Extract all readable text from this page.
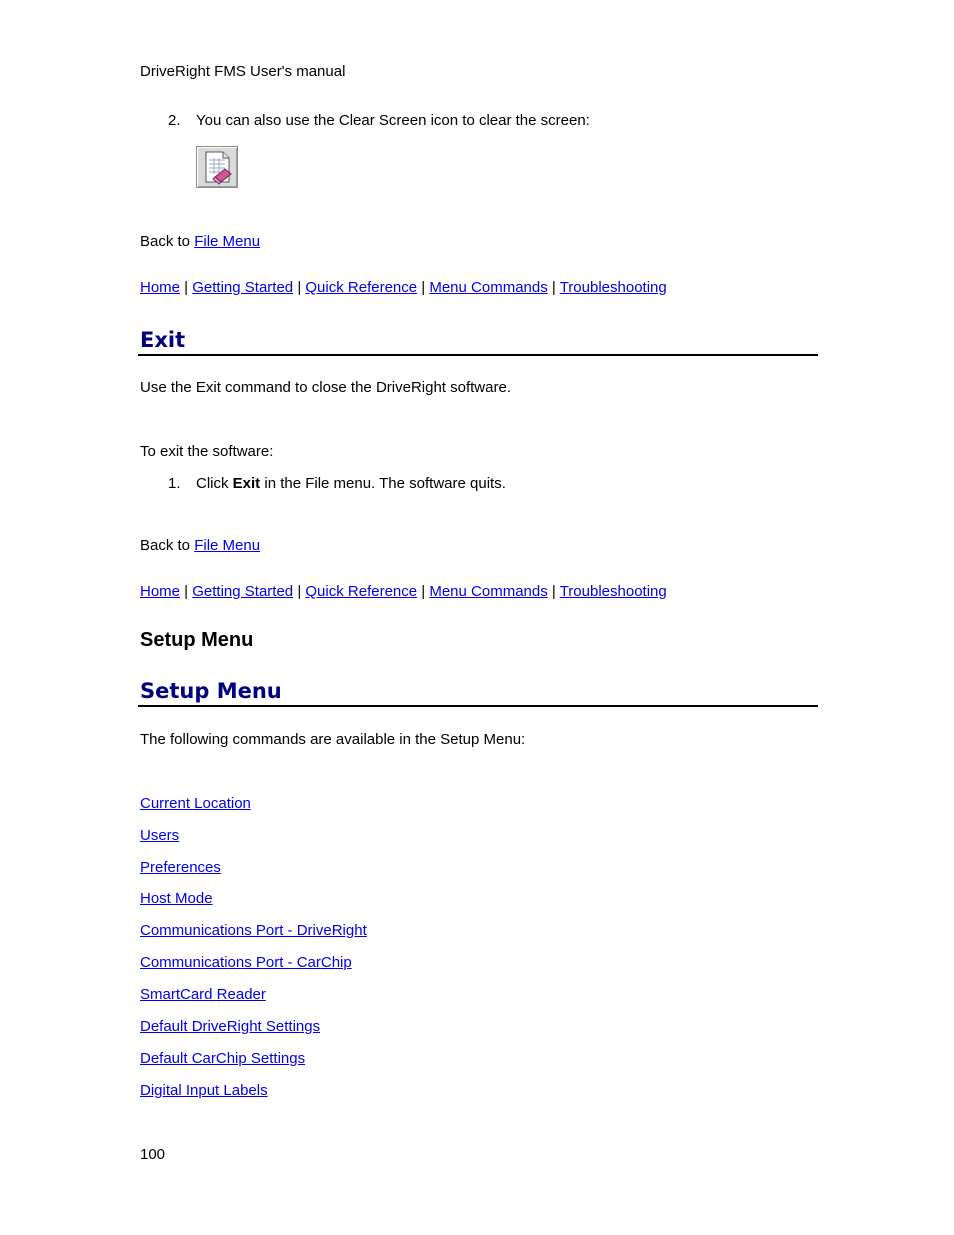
DriveRight FMS User's manual
2. You can also use the Clear Screen icon to clear the screen:
Back to File Menu
Home | Getting Started | Quick Reference | Menu Commands | Troubleshooting
Exit
Use the Exit command to close the DriveRight software.
To exit the software:
1. Click Exit in the File menu. The software quits.
Back to File Menu
Home | Getting Started | Quick Reference | Menu Commands | Troubleshooting
Setup Menu
Setup Menu
The following commands are available in the Setup Menu:
Current Location
Users
Preferences
Host Mode
Communications Port - DriveRight
Communications Port - CarChip
SmartCard Reader
Default DriveRight Settings
Default CarChip Settings
Digital Input Labels
100
